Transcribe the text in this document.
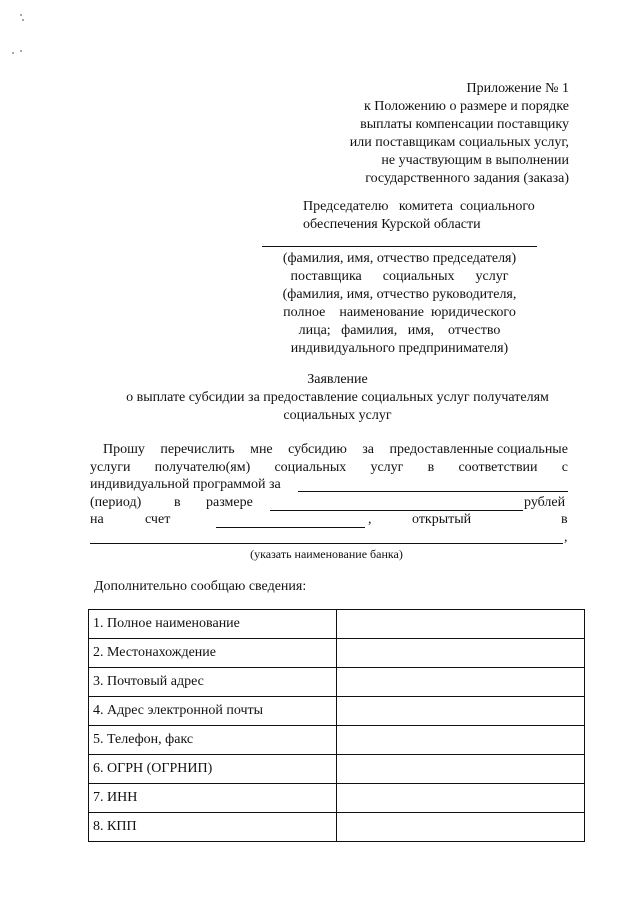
Приложение № 1
к Положению о размере и порядке
выплаты компенсации поставщику
или поставщикам социальных услуг,
не участвующим в выполнении
государственного задания (заказа)
Председателю   комитета  социального
обеспечения Курской области
(фамилия, имя, отчество председателя)
поставщика      социальных      услуг
(фамилия, имя, отчество руководителя,
полное    наименование  юридического
лица;   фамилия,   имя,    отчество
индивидуального предпринимателя)
Заявление
о выплате субсидии за предоставление социальных услуг получателям
социальных услуг
Прошу перечислить мне субсидию за предоставленные социальные
услуги получателю(ям) социальных услуг в соответствии с
индивидуальной программой за
(период) в размере	рублей
на	счет	,	открытый	в
,
(указать наименование банка)
Дополнительно сообщаю сведения:
1. Полное наименование	
2. Местонахождение	
3. Почтовый адрес	
4. Адрес электронной почты	
5. Телефон, факс	
6. ОГРН (ОГРНИП)	
7. ИНН	
8. КПП	
